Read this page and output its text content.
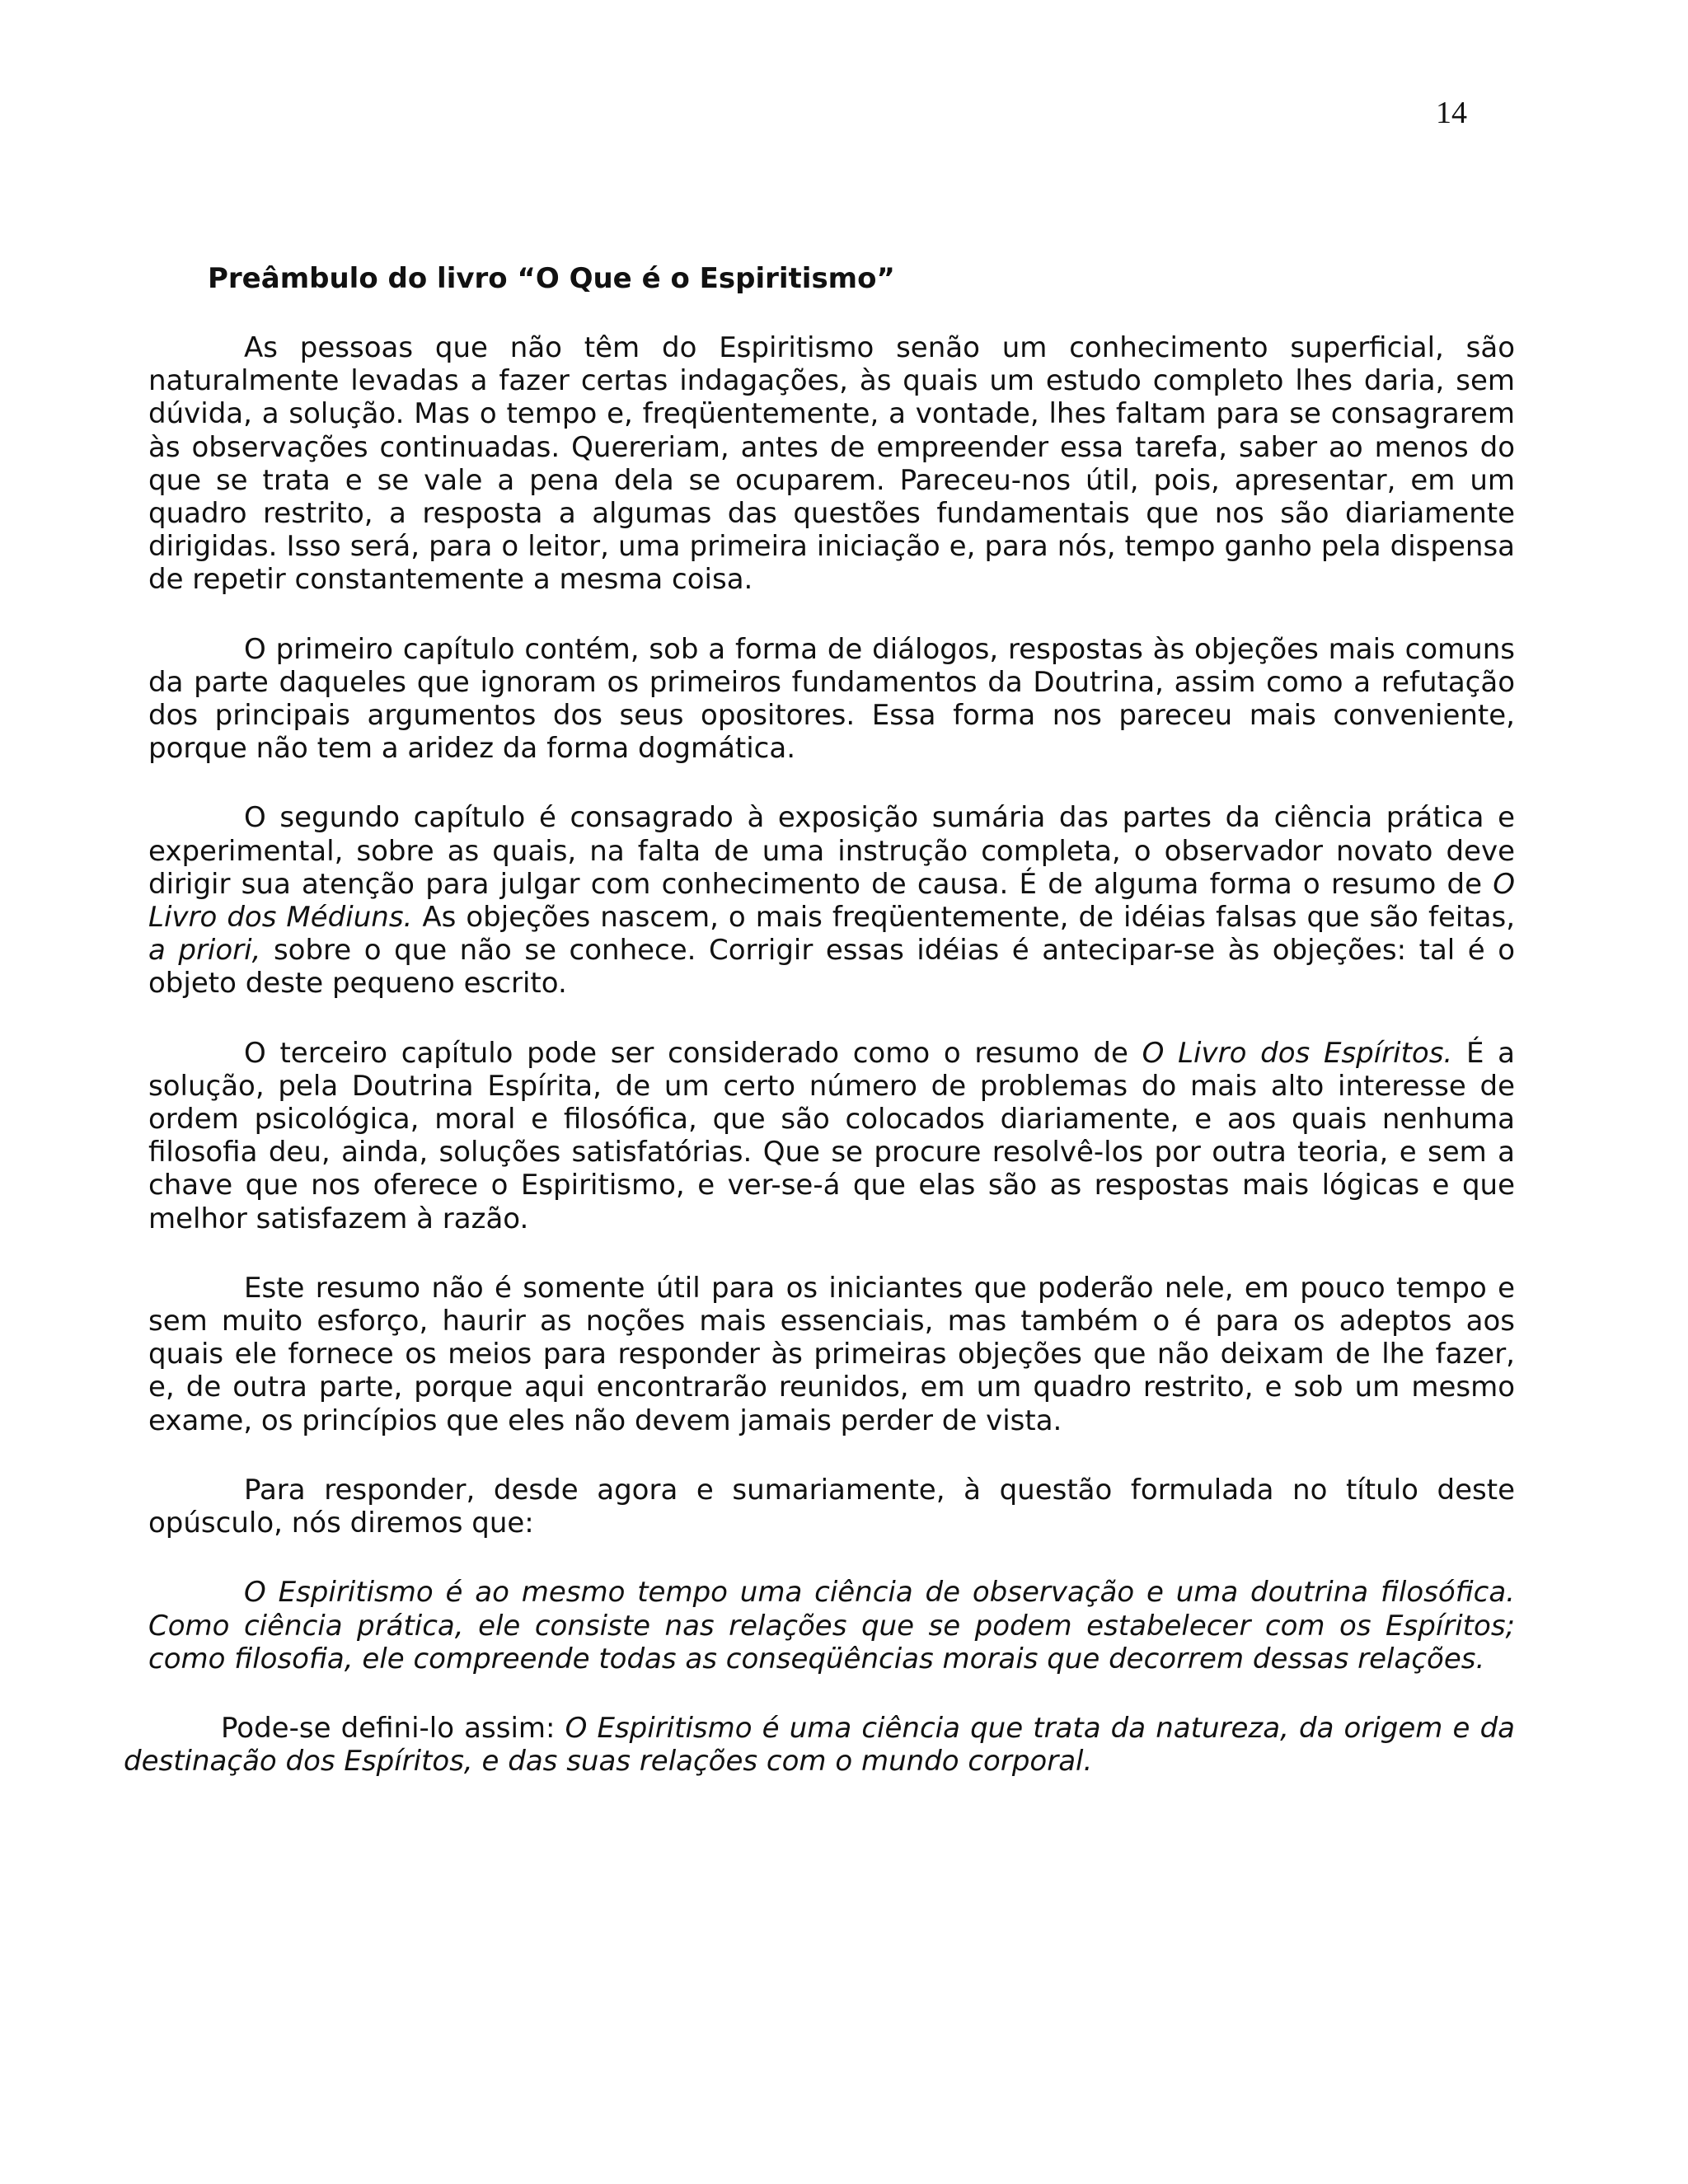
14
Preâmbulo do livro “O Que é o Espiritismo”

As pessoas que não têm do Espiritismo senão um conhecimento superficial, são naturalmente levadas a fazer certas indagações, às quais um estudo completo lhes daria, sem dúvida, a solução. Mas o tempo e, freqüentemente, a vontade, lhes faltam para se consagrarem às observações continuadas. Quereriam, antes de empreender essa tarefa, saber ao menos do que se trata e se vale a pena dela se ocuparem. Pareceu-nos útil, pois, apresentar, em um quadro restrito, a resposta a algumas das questões fundamentais que nos são diariamente dirigidas. Isso será, para o leitor, uma primeira iniciação e, para nós, tempo ganho pela dispensa de repetir constantemente a mesma coisa.

O primeiro capítulo contém, sob a forma de diálogos, respostas às objeções mais comuns da parte daqueles que ignoram os primeiros fundamentos da Doutrina, assim como a refutação dos principais argumentos dos seus opositores. Essa forma nos pareceu mais conveniente, porque não tem a aridez da forma dogmática.

O segundo capítulo é consagrado à exposição sumária das partes da ciência prática e experimental, sobre as quais, na falta de uma instrução completa, o observador novato deve dirigir sua atenção para julgar com conhecimento de causa. É de alguma forma o resumo de O Livro dos Médiuns. As objeções nascem, o mais freqüentemente, de idéias falsas que são feitas, a priori, sobre o que não se conhece. Corrigir essas idéias é antecipar-se às objeções: tal é o objeto deste pequeno escrito.

O terceiro capítulo pode ser considerado como o resumo de O Livro dos Espíritos. É a solução, pela Doutrina Espírita, de um certo número de problemas do mais alto interesse de ordem psicológica, moral e filosófica, que são colocados diariamente, e aos quais nenhuma filosofia deu, ainda, soluções satisfatórias. Que se procure resolvê-los por outra teoria, e sem a chave que nos oferece o Espiritismo, e ver-se-á que elas são as respostas mais lógicas e que melhor satisfazem à razão.

Este resumo não é somente útil para os iniciantes que poderão nele, em pouco tempo e sem muito esforço, haurir as noções mais essenciais, mas também o é para os adeptos aos quais ele fornece os meios para responder às primeiras objeções que não deixam de lhe fazer, e, de outra parte, porque aqui encontrarão reunidos, em um quadro restrito, e sob um mesmo exame, os princípios que eles não devem jamais perder de vista.

Para responder, desde agora e sumariamente, à questão formulada no título deste opúsculo, nós diremos que:

O Espiritismo é ao mesmo tempo uma ciência de observação e uma doutrina filosófica. Como ciência prática, ele consiste nas relações que se podem estabelecer com os Espíritos; como filosofia, ele compreende todas as conseqüências morais que decorrem dessas relações.

Pode-se defini-lo assim: O Espiritismo é uma ciência que trata da natureza, da origem e da destinação dos Espíritos, e das suas relações com o mundo corporal.
